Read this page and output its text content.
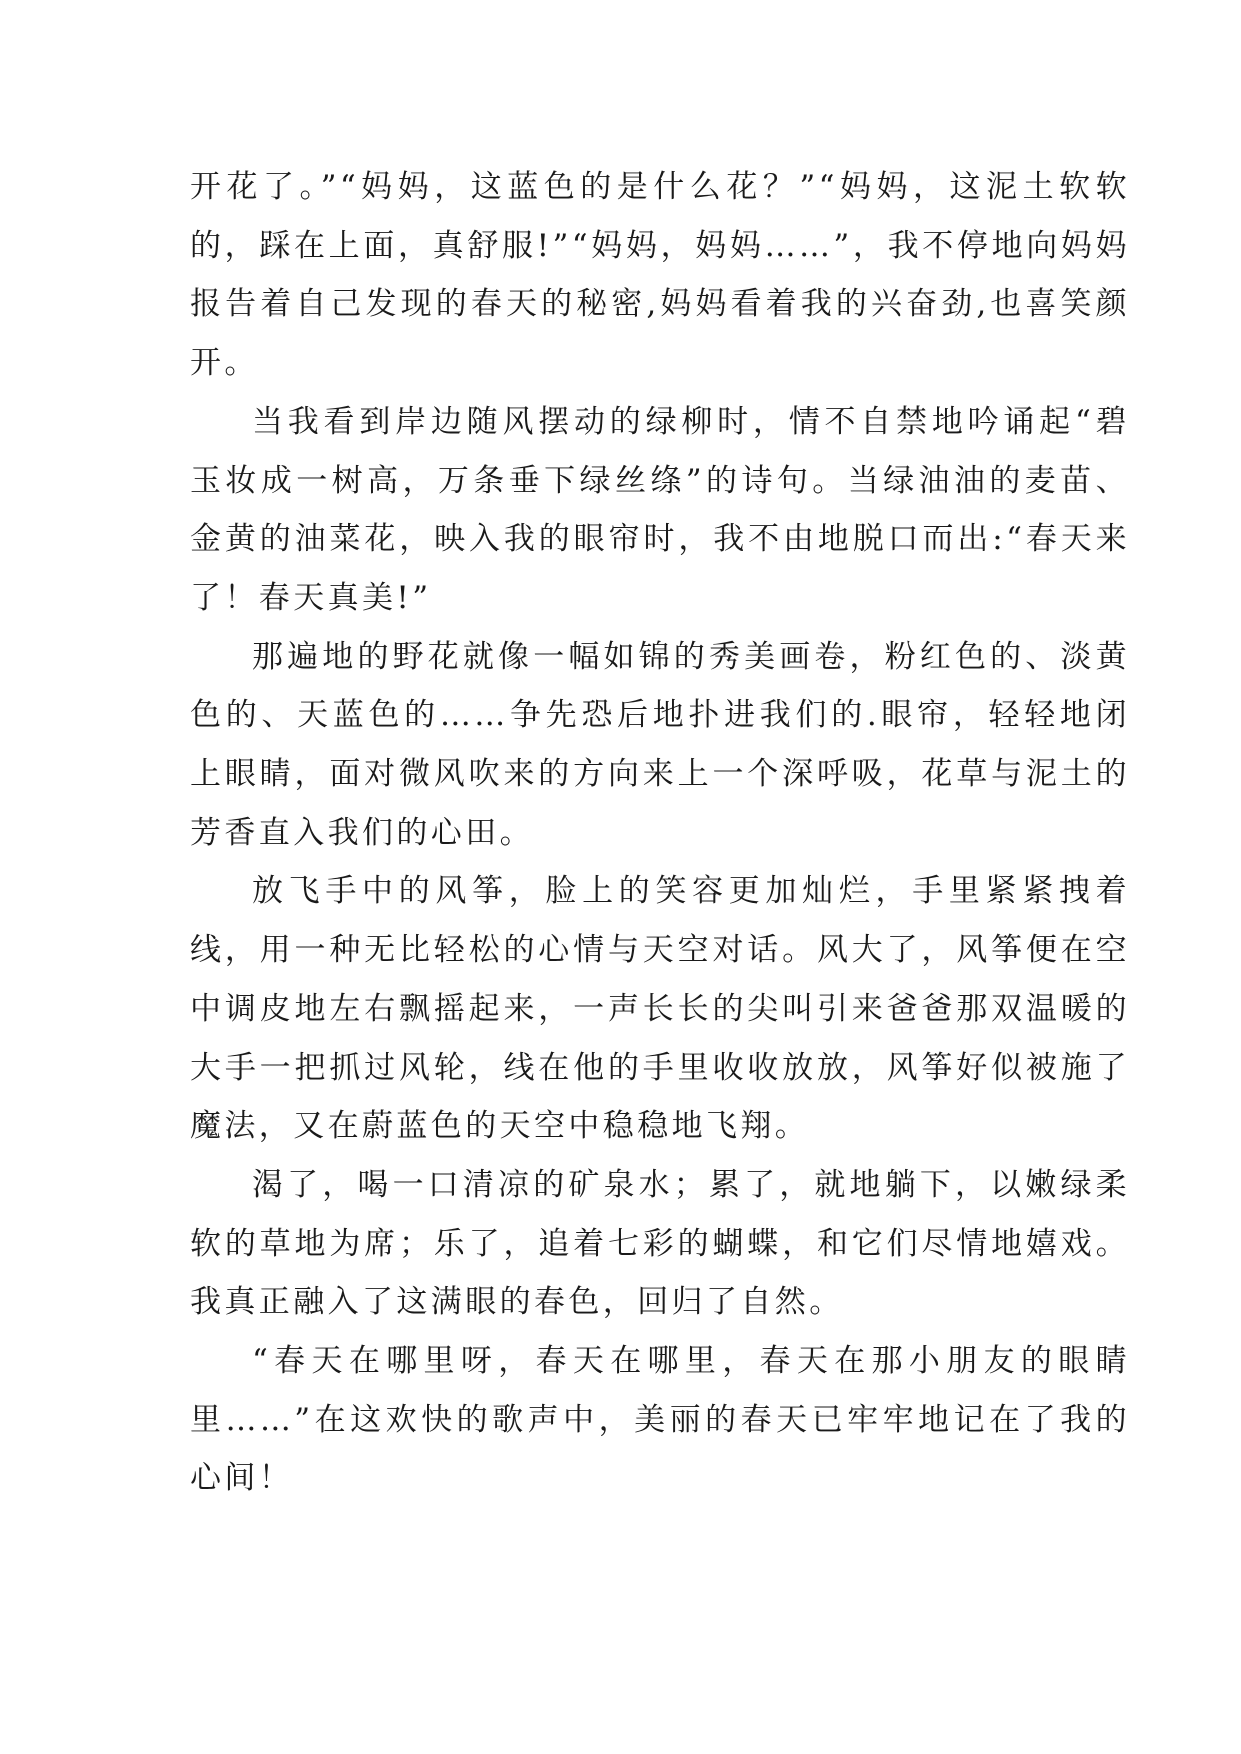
开花了。”“妈妈，这蓝色的是什么花？”“妈妈，这泥土软软的，踩在上面，真舒服!”“妈妈，妈妈……”，我不停地向妈妈报告着自己发现的春天的秘密,妈妈看着我的兴奋劲,也喜笑颜开。

当我看到岸边随风摆动的绿柳时，情不自禁地吟诵起“碧玉妆成一树高，万条垂下绿丝绦”的诗句。当绿油油的麦苗、金黄的油菜花，映入我的眼帘时，我不由地脱口而出:“春天来了！春天真美!”

那遍地的野花就像一幅如锦的秀美画卷，粉红色的、淡黄色的、天蓝色的……争先恐后地扑进我们的.眼帘，轻轻地闭上眼睛，面对微风吹来的方向来上一个深呼吸，花草与泥土的芳香直入我们的心田。

放飞手中的风筝，脸上的笑容更加灿烂，手里紧紧拽着线，用一种无比轻松的心情与天空对话。风大了，风筝便在空中调皮地左右飘摇起来，一声长长的尖叫引来爸爸那双温暖的大手一把抓过风轮，线在他的手里收收放放，风筝好似被施了魔法，又在蔚蓝色的天空中稳稳地飞翔。

渴了，喝一口清凉的矿泉水；累了，就地躺下，以嫩绿柔软的草地为席；乐了，追着七彩的蝴蝶，和它们尽情地嬉戏。我真正融入了这满眼的春色，回归了自然。

“春天在哪里呀，春天在哪里，春天在那小朋友的眼睛里……”在这欢快的歌声中，美丽的春天已牢牢地记在了我的心间！
